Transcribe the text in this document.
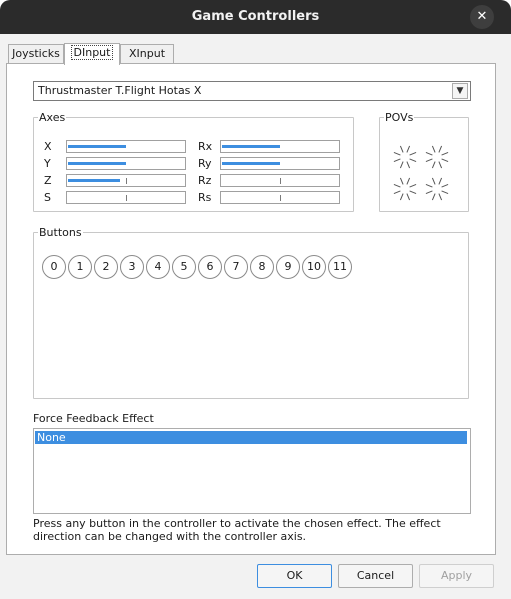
Game Controllers	✕
Joysticks	DInput	XInput
Thrustmaster T.Flight Hotas X	▼
Axes
X	Rx
Y	Ry
Z	Rz
S	Rs
POVs
Buttons
0	1	2	3	4	5	6	7	8	9	10	11
Force Feedback Effect
None
Press any button in the controller to activate the chosen effect. The effect direction can be changed with the controller axis.
OK	Cancel	Apply
